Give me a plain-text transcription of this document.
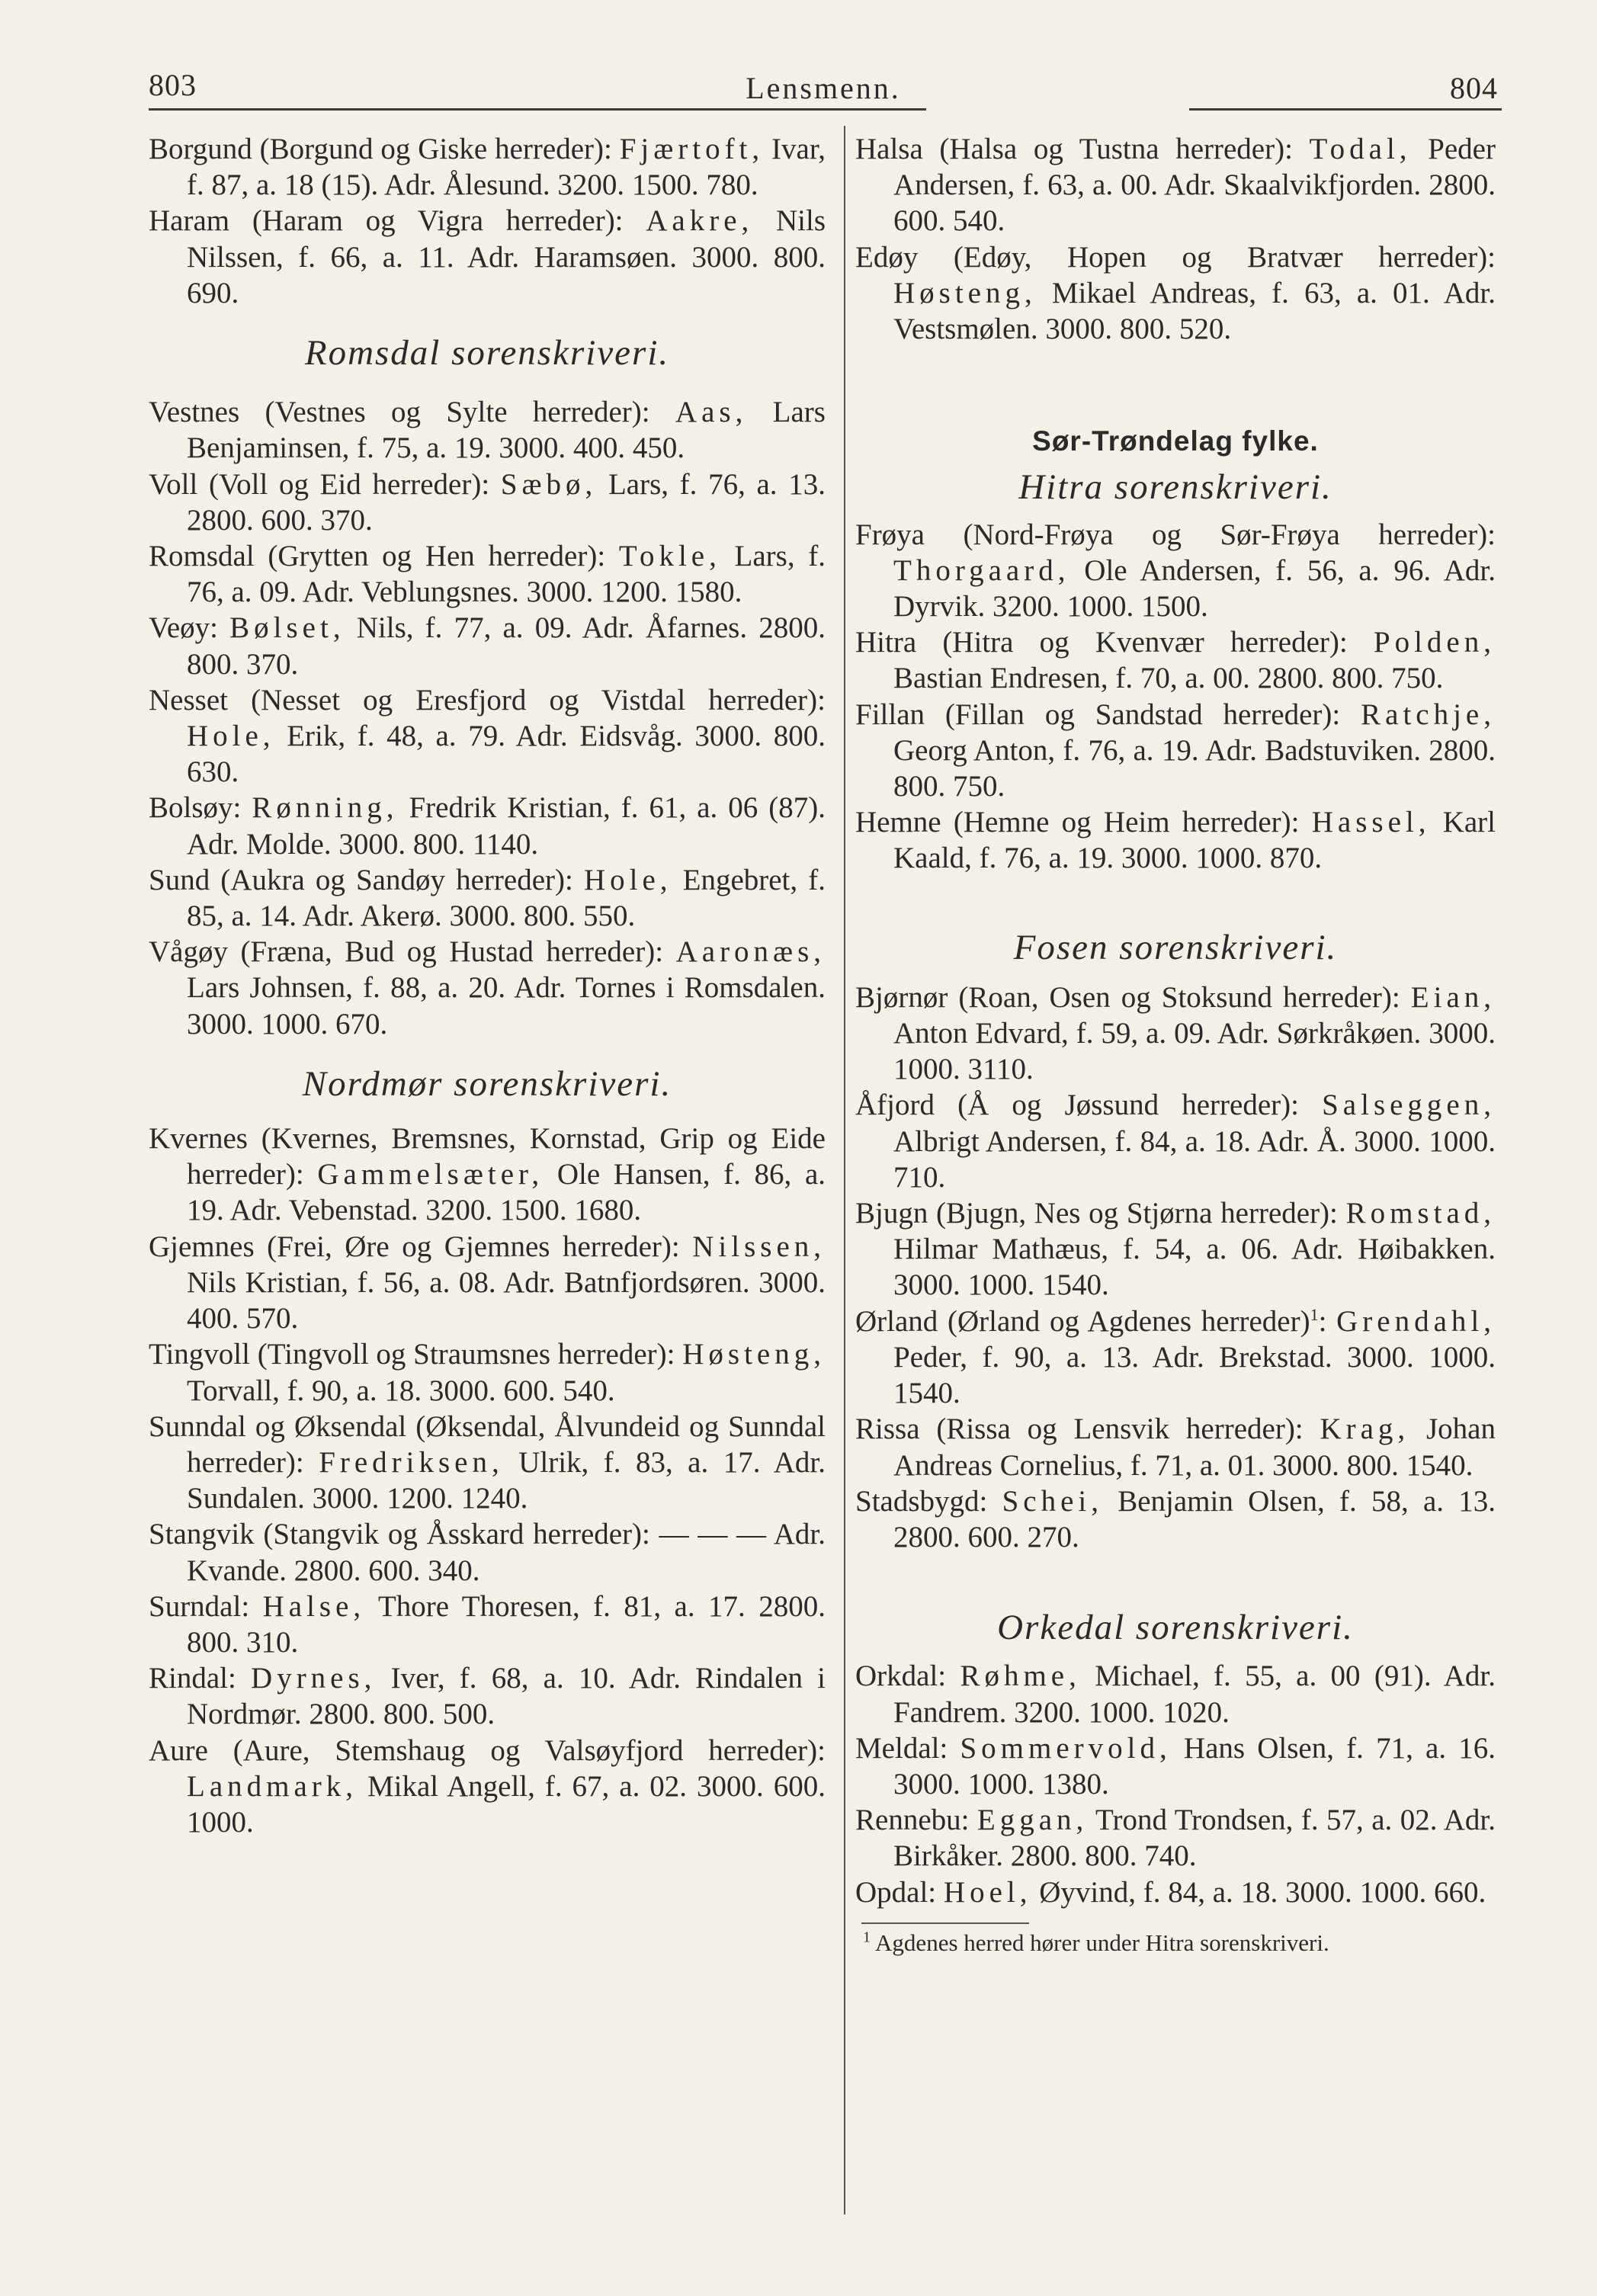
803	Lensmenn.	804

Borgund (Borgund og Giske herreder): Fjærtoft, Ivar, f. 87, a. 18 (15). Adr. Ålesund. 3200. 1500. 780.

Haram (Haram og Vigra herreder): Aakre, Nils Nilssen, f. 66, a. 11. Adr. Haramsøen. 3000. 800. 690.

Romsdal sorenskriveri.

Vestnes (Vestnes og Sylte herreder): Aas, Lars Benjaminsen, f. 75, a. 19. 3000. 400. 450.

Voll (Voll og Eid herreder): Sæbø, Lars, f. 76, a. 13. 2800. 600. 370.

Romsdal (Grytten og Hen herreder): Tokle, Lars, f. 76, a. 09. Adr. Veblungsnes. 3000. 1200. 1580.

Veøy: Bølset, Nils, f. 77, a. 09. Adr. Åfarnes. 2800. 800. 370.

Nesset (Nesset og Eresfjord og Vistdal herreder): Hole, Erik, f. 48, a. 79. Adr. Eidsvåg. 3000. 800. 630.

Bolsøy: Rønning, Fredrik Kristian, f. 61, a. 06 (87). Adr. Molde. 3000. 800. 1140.

Sund (Aukra og Sandøy herreder): Hole, Engebret, f. 85, a. 14. Adr. Akerø. 3000. 800. 550.

Vågøy (Fræna, Bud og Hustad herreder): Aaronæs, Lars Johnsen, f. 88, a. 20. Adr. Tornes i Romsdalen. 3000. 1000. 670.

Nordmør sorenskriveri.

Kvernes (Kvernes, Bremsnes, Kornstad, Grip og Eide herreder): Gammelsæter, Ole Hansen, f. 86, a. 19. Adr. Vebenstad. 3200. 1500. 1680.

Gjemnes (Frei, Øre og Gjemnes herreder): Nilssen, Nils Kristian, f. 56, a. 08. Adr. Batnfjordsøren. 3000. 400. 570.

Tingvoll (Tingvoll og Straumsnes herreder): Høsteng, Torvall, f. 90, a. 18. 3000. 600. 540.

Sunndal og Øksendal (Øksendal, Ålvundeid og Sunndal herreder): Fredriksen, Ulrik, f. 83, a. 17. Adr. Sundalen. 3000. 1200. 1240.

Stangvik (Stangvik og Åsskard herreder): — — — Adr. Kvande. 2800. 600. 340.

Surndal: Halse, Thore Thoresen, f. 81, a. 17. 2800. 800. 310.

Rindal: Dyrnes, Iver, f. 68, a. 10. Adr. Rindalen i Nordmør. 2800. 800. 500.

Aure (Aure, Stemshaug og Valsøyfjord herreder): Landmark, Mikal Angell, f. 67, a. 02. 3000. 600. 1000.

Halsa (Halsa og Tustna herreder): Todal, Peder Andersen, f. 63, a. 00. Adr. Skaalvikfjorden. 2800. 600. 540.

Edøy (Edøy, Hopen og Bratvær herreder): Høsteng, Mikael Andreas, f. 63, a. 01. Adr. Vestsmølen. 3000. 800. 520.

Sør-Trøndelag fylke.

Hitra sorenskriveri.

Frøya (Nord-Frøya og Sør-Frøya herreder): Thorgaard, Ole Andersen, f. 56, a. 96. Adr. Dyrvik. 3200. 1000. 1500.

Hitra (Hitra og Kvenvær herreder): Polden, Bastian Endresen, f. 70, a. 00. 2800. 800. 750.

Fillan (Fillan og Sandstad herreder): Ratchje, Georg Anton, f. 76, a. 19. Adr. Badstuviken. 2800. 800. 750.

Hemne (Hemne og Heim herreder): Hassel, Karl Kaald, f. 76, a. 19. 3000. 1000. 870.

Fosen sorenskriveri.

Bjørnør (Roan, Osen og Stoksund herreder): Eian, Anton Edvard, f. 59, a. 09. Adr. Sørkråkøen. 3000. 1000. 3110.

Åfjord (Å og Jøssund herreder): Salseggen, Albrigt Andersen, f. 84, a. 18. Adr. Å. 3000. 1000. 710.

Bjugn (Bjugn, Nes og Stjørna herreder): Romstad, Hilmar Mathæus, f. 54, a. 06. Adr. Høibakken. 3000. 1000. 1540.

Ørland (Ørland og Agdenes herreder)$^1$: Grendahl, Peder, f. 90, a. 13. Adr. Brekstad. 3000. 1000. 1540.

Rissa (Rissa og Lensvik herreder): Krag, Johan Andreas Cornelius, f. 71, a. 01. 3000. 800. 1540.

Stadsbygd: Schei, Benjamin Olsen, f. 58, a. 13. 2800. 600. 270.

Orkedal sorenskriveri.

Orkdal: Røhme, Michael, f. 55, a. 00 (91). Adr. Fandrem. 3200. 1000. 1020.

Meldal: Sommervold, Hans Olsen, f. 71, a. 16. 3000. 1000. 1380.

Rennebu: Eggan, Trond Trondsen, f. 57, a. 02. Adr. Birkåker. 2800. 800. 740.

Opdal: Hoel, Øyvind, f. 84, a. 18. 3000. 1000. 660.

$^1$ Agdenes herred hører under Hitra sorenskriveri.
